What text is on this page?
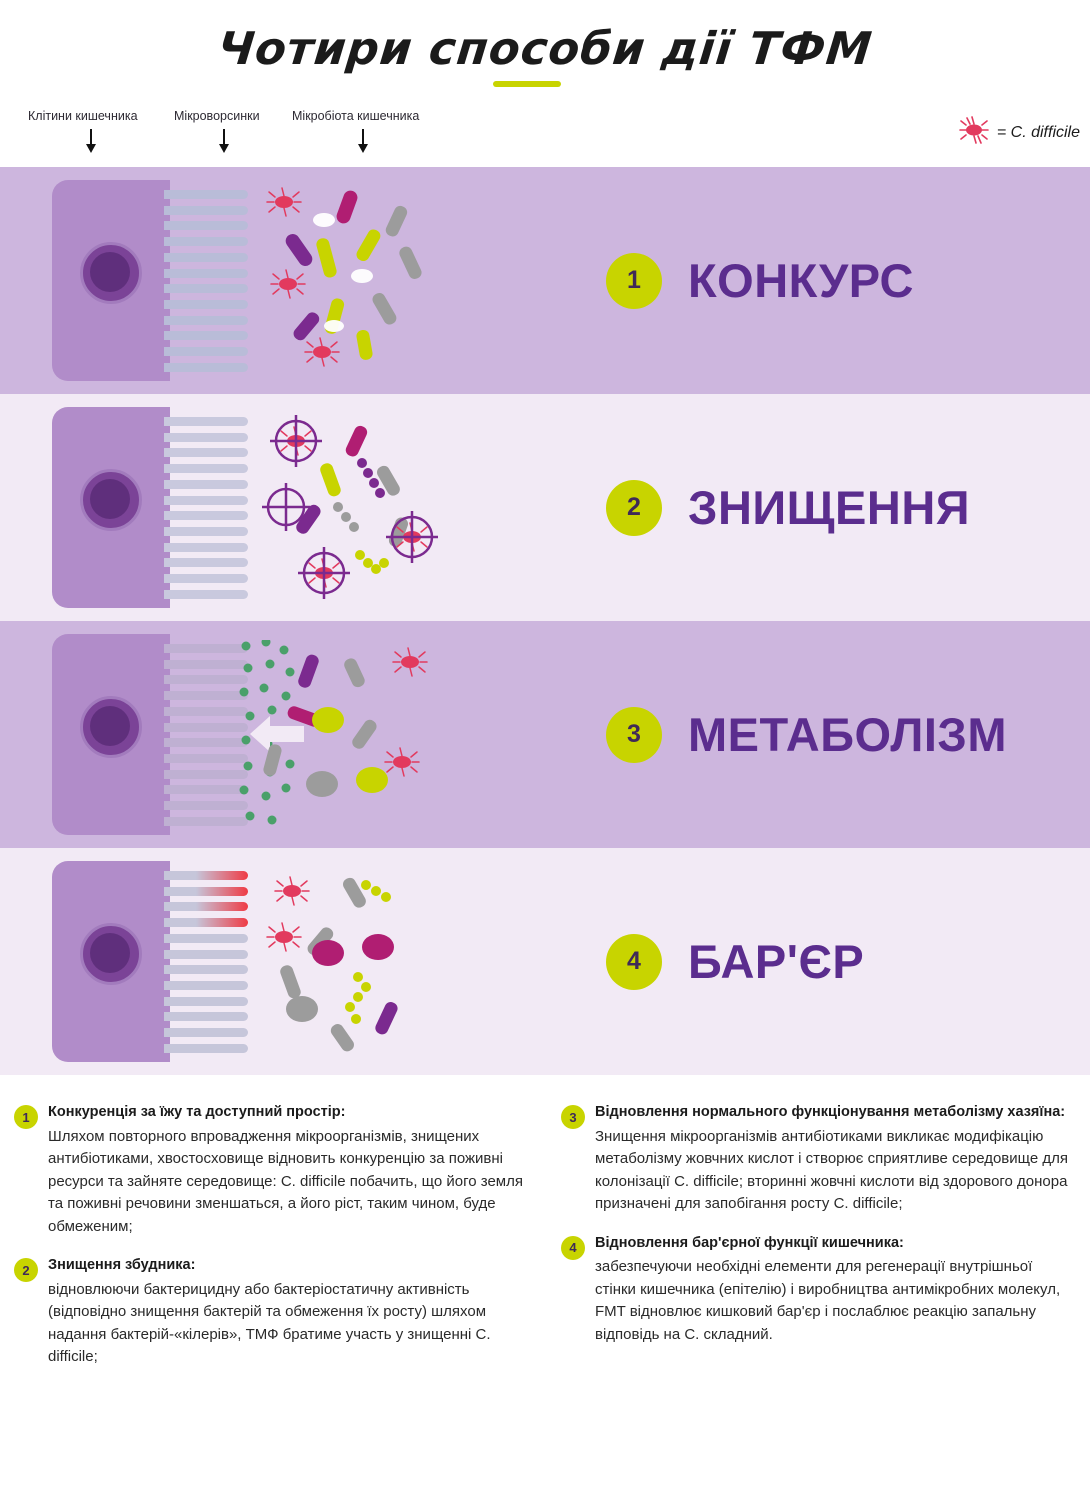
Чотири способи дії ТФМ
Клітини кишечника	Мікроворсинки	Мікробіота кишечника
= C. difficile
1	КОНКУРС
2	ЗНИЩЕННЯ
3	МЕТАБОЛІЗМ
4	БАР'ЄР
1	Конкуренція за їжу та доступний простір:
Шляхом повторного впровадження мікроорганізмів, знищених антибіотиками, хвостосховище відновить конкуренцію за поживні ресурси та зайняте середовище: C. difficile побачить, що його земля та поживні речовини зменшаться, а його ріст, таким чином, буде обмеженим;
2	Знищення збудника:
відновлюючи бактерицидну або бактеріостатичну активність (відповідно знищення бактерій та обмеження їх росту) шляхом надання бактерій-«кілерів», ТМФ братиме участь у знищенні C. difficile;
3	Відновлення нормального функціонування метаболізму хазяїна:
Знищення мікроорганізмів антибіотиками викликає модифікацію метаболізму жовчних кислот і створює сприятливе середовище для колонізації C. difficile; вторинні жовчні кислоти від здорового донора призначені для запобігання росту C. difficile;
4	Відновлення бар'єрної функції кишечника:
забезпечуючи необхідні елементи для регенерації внутрішньої стінки кишечника (епітелію) і виробництва антимікробних молекул, FMT відновлює кишковий бар'єр і послаблює реакцію запальну відповідь на C. складний.
